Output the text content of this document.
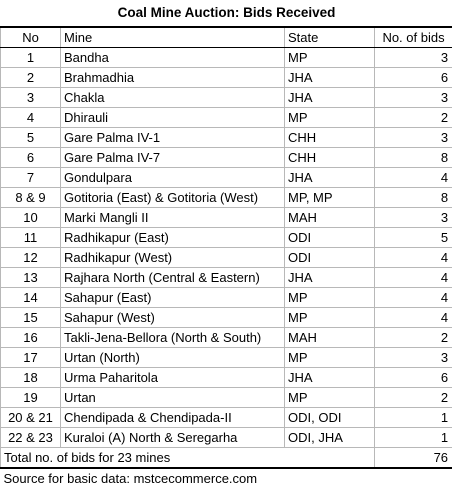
Coal Mine Auction: Bids Received			
No	Mine	State	No. of bids
1	Bandha	MP	3
2	Brahmadhia	JHA	6
3	Chakla	JHA	3
4	Dhirauli	MP	2
5	Gare Palma IV-1	CHH	3
6	Gare Palma IV-7	CHH	8
7	Gondulpara	JHA	4
8 & 9	Gotitoria (East) & Gotitoria (West)	MP, MP	8
10	Marki Mangli II	MAH	3
11	Radhikapur (East)	ODI	5
12	Radhikapur (West)	ODI	4
13	Rajhara North (Central & Eastern)	JHA	4
14	Sahapur (East)	MP	4
15	Sahapur (West)	MP	4
16	Takli-Jena-Bellora (North & South)	MAH	2
17	Urtan (North)	MP	3
18	Urma Paharitola	JHA	6
19	Urtan	MP	2
20 & 21	Chendipada & Chendipada-II	ODI, ODI	1
22 & 23	Kuraloi (A) North & Seregarha	ODI, JHA	1
Total no. of bids for 23 mines			76
Source for basic data: mstcecommerce.com			
